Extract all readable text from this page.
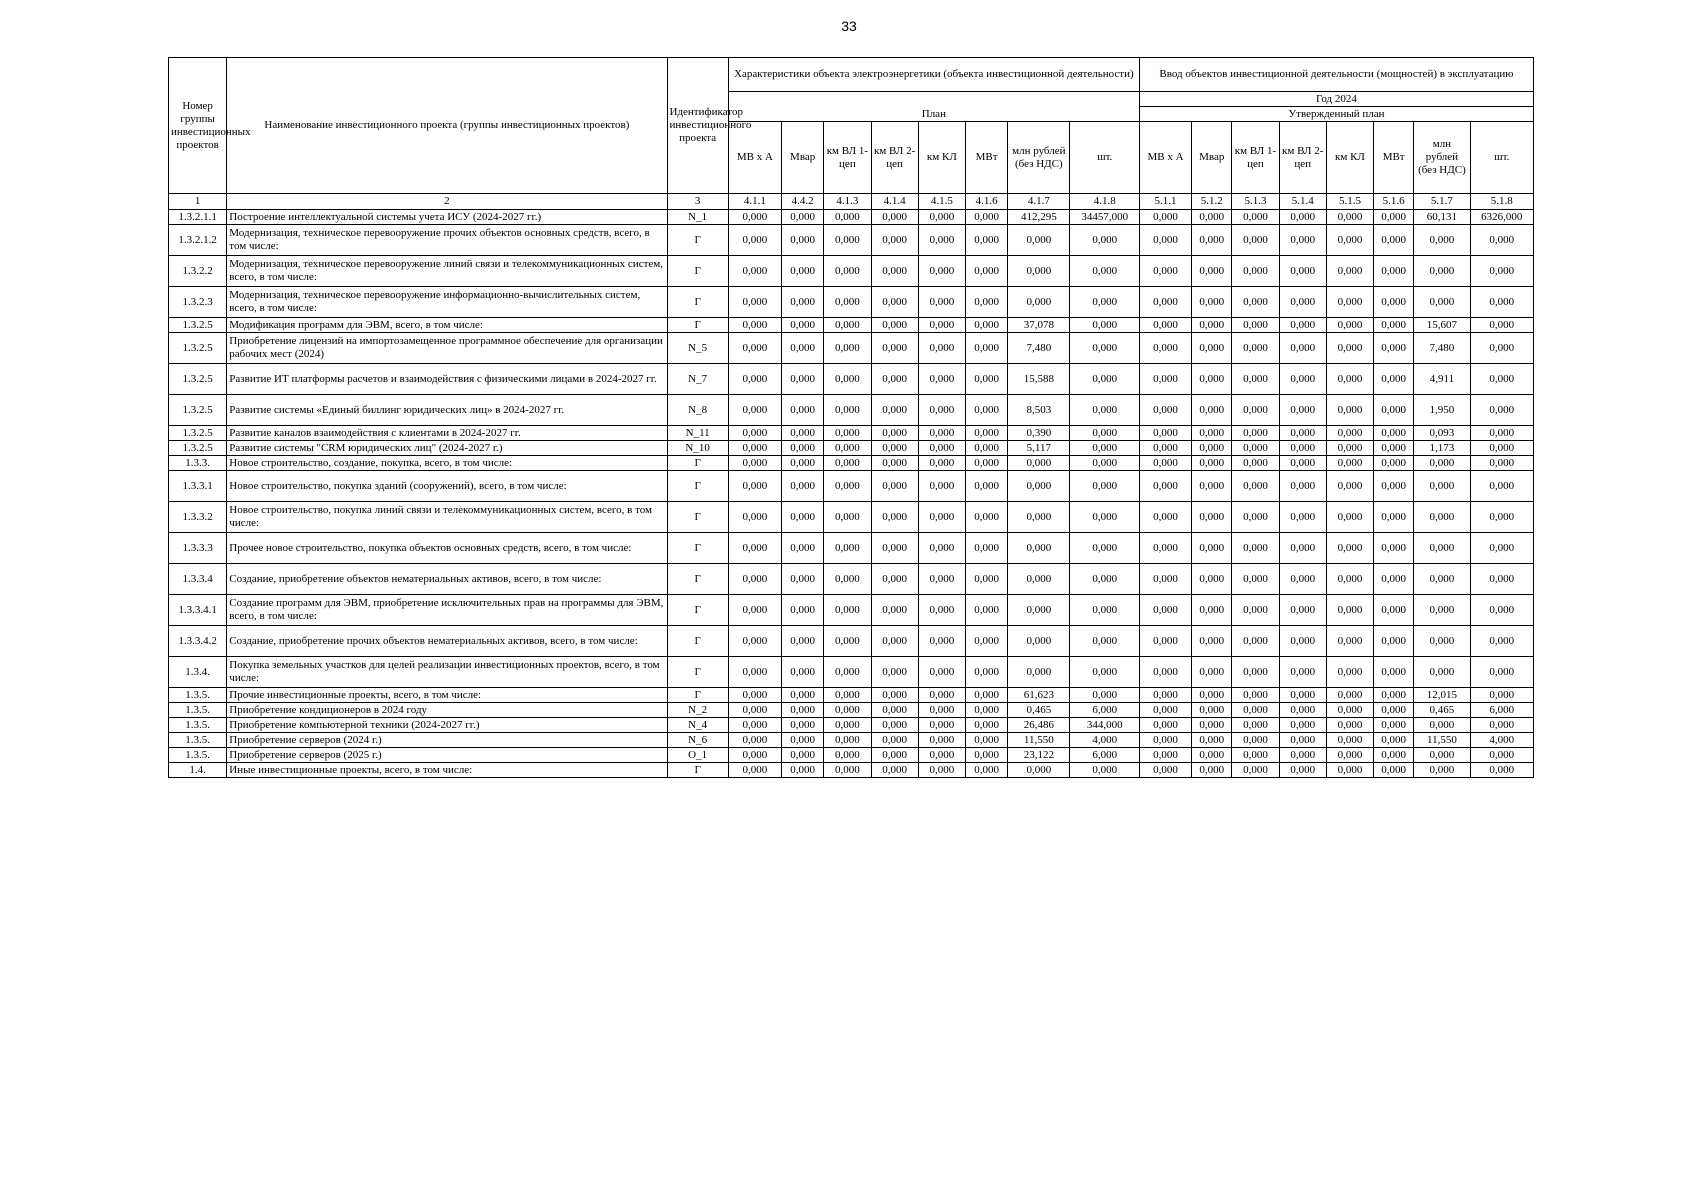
33
Номер группы инвестиционных проектов	Наименование инвестиционного проекта (группы инвестиционных проектов)	Идентификатор инвестиционного проекта	Характеристики объекта электроэнергетики (объекта инвестиционной деятельности)								Ввод объектов инвестиционной деятельности (мощностей) в эксплуатацию							
			План								Год 2024							
											Утвержденный план							
			МВ х А	Мвар	км ВЛ 1-цеп	км ВЛ 2-цеп	км КЛ	МВт	млн рублей (без НДС)	шт.	МВ х А	Мвар	км ВЛ 1-цеп	км ВЛ 2-цеп	км КЛ	МВт	млн рублей (без НДС)	шт.
1	2	3	4.1.1	4.4.2	4.1.3	4.1.4	4.1.5	4.1.6	4.1.7	4.1.8	5.1.1	5.1.2	5.1.3	5.1.4	5.1.5	5.1.6	5.1.7	5.1.8
1.3.2.1.1	Построение интеллектуальной системы учета ИСУ (2024-2027 гг.)	N_1	0,000	0,000	0,000	0,000	0,000	0,000	412,295	34457,000	0,000	0,000	0,000	0,000	0,000	0,000	60,131	6326,000
1.3.2.1.2	Модернизация, техническое перевооружение прочих объектов основных средств, всего, в том числе:	Г	0,000	0,000	0,000	0,000	0,000	0,000	0,000	0,000	0,000	0,000	0,000	0,000	0,000	0,000	0,000	0,000
1.3.2.2	Модернизация, техническое перевооружение линий связи и телекоммуникационных систем, всего, в том числе:	Г	0,000	0,000	0,000	0,000	0,000	0,000	0,000	0,000	0,000	0,000	0,000	0,000	0,000	0,000	0,000	0,000
1.3.2.3	Модернизация, техническое перевооружение информационно-вычислительных систем, всего, в том числе:	Г	0,000	0,000	0,000	0,000	0,000	0,000	0,000	0,000	0,000	0,000	0,000	0,000	0,000	0,000	0,000	0,000
1.3.2.5	Модификация программ для ЭВМ, всего, в том числе:	Г	0,000	0,000	0,000	0,000	0,000	0,000	37,078	0,000	0,000	0,000	0,000	0,000	0,000	0,000	15,607	0,000
1.3.2.5	Приобретение лицензий на импортозамещенное программное обеспечение для организации рабочих мест (2024)	N_5	0,000	0,000	0,000	0,000	0,000	0,000	7,480	0,000	0,000	0,000	0,000	0,000	0,000	0,000	7,480	0,000
1.3.2.5	Развитие ИТ платформы расчетов и взаимодействия с физическими лицами в 2024-2027 гг.	N_7	0,000	0,000	0,000	0,000	0,000	0,000	15,588	0,000	0,000	0,000	0,000	0,000	0,000	0,000	4,911	0,000
1.3.2.5	Развитие системы «Единый биллинг юридических лиц» в 2024-2027 гг.	N_8	0,000	0,000	0,000	0,000	0,000	0,000	8,503	0,000	0,000	0,000	0,000	0,000	0,000	0,000	1,950	0,000
1.3.2.5	Развитие каналов взаимодействия с клиентами в 2024-2027 гг.	N_11	0,000	0,000	0,000	0,000	0,000	0,000	0,390	0,000	0,000	0,000	0,000	0,000	0,000	0,000	0,093	0,000
1.3.2.5	Развитие системы "CRM юридических лиц" (2024-2027 г.)	N_10	0,000	0,000	0,000	0,000	0,000	0,000	5,117	0,000	0,000	0,000	0,000	0,000	0,000	0,000	1,173	0,000
1.3.3.	Новое строительство, создание, покупка, всего, в том числе:	Г	0,000	0,000	0,000	0,000	0,000	0,000	0,000	0,000	0,000	0,000	0,000	0,000	0,000	0,000	0,000	0,000
1.3.3.1	Новое строительство, покупка зданий (сооружений), всего, в том числе:	Г	0,000	0,000	0,000	0,000	0,000	0,000	0,000	0,000	0,000	0,000	0,000	0,000	0,000	0,000	0,000	0,000
1.3.3.2	Новое строительство, покупка линий связи и телекоммуникационных систем, всего, в том числе:	Г	0,000	0,000	0,000	0,000	0,000	0,000	0,000	0,000	0,000	0,000	0,000	0,000	0,000	0,000	0,000	0,000
1.3.3.3	Прочее новое строительство, покупка объектов основных средств, всего, в том числе:	Г	0,000	0,000	0,000	0,000	0,000	0,000	0,000	0,000	0,000	0,000	0,000	0,000	0,000	0,000	0,000	0,000
1.3.3.4	Создание, приобретение объектов нематериальных активов, всего, в том числе:	Г	0,000	0,000	0,000	0,000	0,000	0,000	0,000	0,000	0,000	0,000	0,000	0,000	0,000	0,000	0,000	0,000
1.3.3.4.1	Создание программ для ЭВМ, приобретение исключительных прав на программы для ЭВМ, всего, в том числе:	Г	0,000	0,000	0,000	0,000	0,000	0,000	0,000	0,000	0,000	0,000	0,000	0,000	0,000	0,000	0,000	0,000
1.3.3.4.2	Создание, приобретение прочих объектов нематериальных активов, всего, в том числе:	Г	0,000	0,000	0,000	0,000	0,000	0,000	0,000	0,000	0,000	0,000	0,000	0,000	0,000	0,000	0,000	0,000
1.3.4.	Покупка земельных участков для целей реализации инвестиционных проектов, всего, в том числе:	Г	0,000	0,000	0,000	0,000	0,000	0,000	0,000	0,000	0,000	0,000	0,000	0,000	0,000	0,000	0,000	0,000
1.3.5.	Прочие инвестиционные проекты, всего, в том числе:	Г	0,000	0,000	0,000	0,000	0,000	0,000	61,623	0,000	0,000	0,000	0,000	0,000	0,000	0,000	12,015	0,000
1.3.5.	Приобретение кондиционеров в 2024 году	N_2	0,000	0,000	0,000	0,000	0,000	0,000	0,465	6,000	0,000	0,000	0,000	0,000	0,000	0,000	0,465	6,000
1.3.5.	Приобретение компьютерной техники (2024-2027 гг.)	N_4	0,000	0,000	0,000	0,000	0,000	0,000	26,486	344,000	0,000	0,000	0,000	0,000	0,000	0,000	0,000	0,000
1.3.5.	Приобретение серверов (2024 г.)	N_6	0,000	0,000	0,000	0,000	0,000	0,000	11,550	4,000	0,000	0,000	0,000	0,000	0,000	0,000	11,550	4,000
1.3.5.	Приобретение серверов (2025 г.)	O_1	0,000	0,000	0,000	0,000	0,000	0,000	23,122	6,000	0,000	0,000	0,000	0,000	0,000	0,000	0,000	0,000
1.4.	Иные инвестиционные проекты, всего, в том числе:	Г	0,000	0,000	0,000	0,000	0,000	0,000	0,000	0,000	0,000	0,000	0,000	0,000	0,000	0,000	0,000	0,000
